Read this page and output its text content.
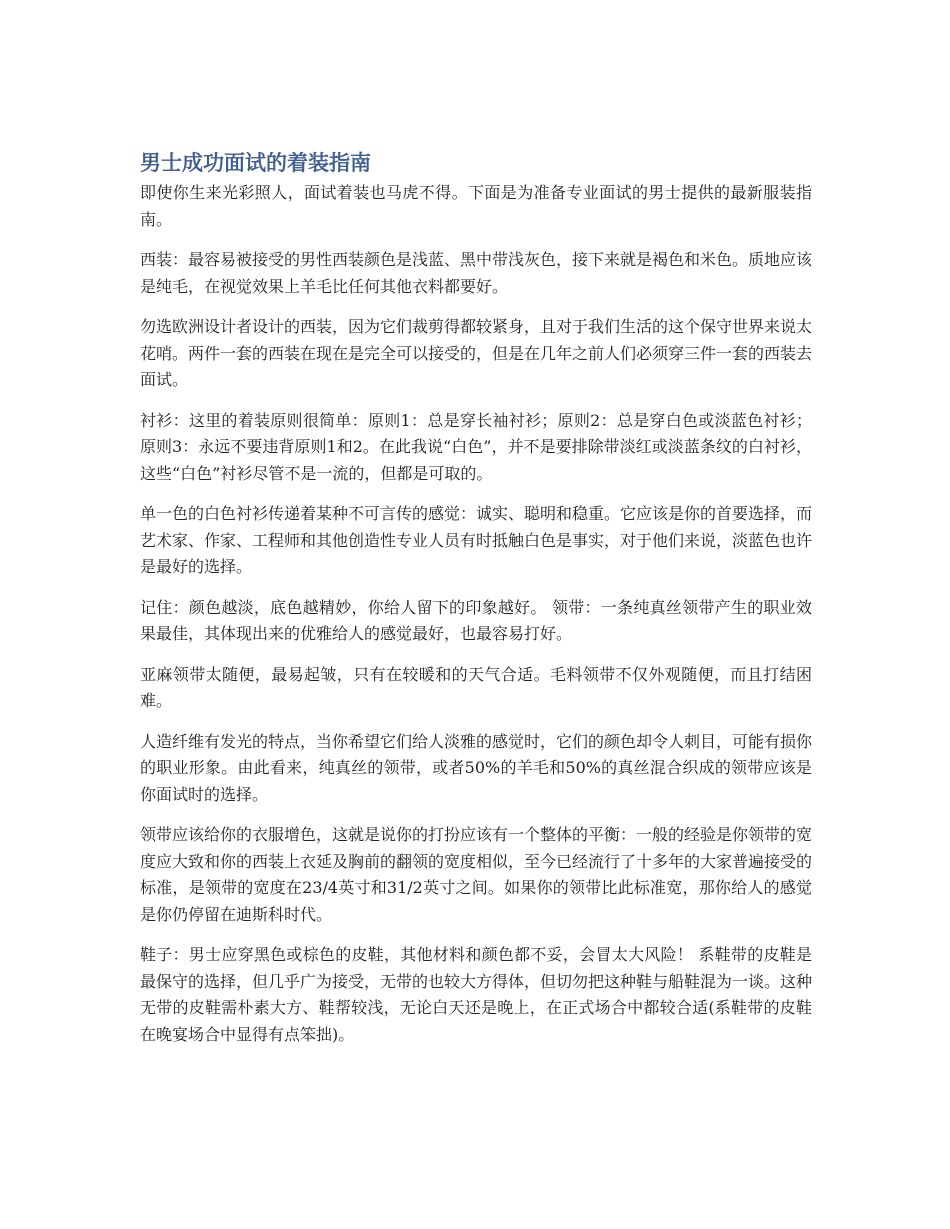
男士成功面试的着装指南

即使你生来光彩照人，面试着装也马虎不得。下面是为准备专业面试的男士提供的最新服装指南。

西装：最容易被接受的男性西装颜色是浅蓝、黑中带浅灰色，接下来就是褐色和米色。质地应该是纯毛，在视觉效果上羊毛比任何其他衣料都要好。

勿选欧洲设计者设计的西装，因为它们裁剪得都较紧身，且对于我们生活的这个保守世界来说太花哨。两件一套的西装在现在是完全可以接受的，但是在几年之前人们必须穿三件一套的西装去面试。

衬衫：这里的着装原则很简单：原则1：总是穿长袖衬衫；原则2：总是穿白色或淡蓝色衬衫；原则3：永远不要违背原则1和2。在此我说“白色”，并不是要排除带淡红或淡蓝条纹的白衬衫，这些“白色”衬衫尽管不是一流的，但都是可取的。

单一色的白色衬衫传递着某种不可言传的感觉：诚实、聪明和稳重。它应该是你的首要选择，而艺术家、作家、工程师和其他创造性专业人员有时抵触白色是事实，对于他们来说，淡蓝色也许是最好的选择。

记住：颜色越淡，底色越精妙，你给人留下的印象越好。 领带：一条纯真丝领带产生的职业效果最佳，其体现出来的优雅给人的感觉最好，也最容易打好。

亚麻领带太随便，最易起皱，只有在较暖和的天气合适。毛料领带不仅外观随便，而且打结困难。

人造纤维有发光的特点，当你希望它们给人淡雅的感觉时，它们的颜色却令人刺目，可能有损你的职业形象。由此看来，纯真丝的领带，或者50%的羊毛和50%的真丝混合织成的领带应该是你面试时的选择。

领带应该给你的衣服增色，这就是说你的打扮应该有一个整体的平衡：一般的经验是你领带的宽度应大致和你的西装上衣延及胸前的翻领的宽度相似，至今已经流行了十多年的大家普遍接受的标准，是领带的宽度在23/4英寸和31/2英寸之间。如果你的领带比此标准宽，那你给人的感觉是你仍停留在迪斯科时代。

鞋子：男士应穿黑色或棕色的皮鞋，其他材料和颜色都不妥，会冒太大风险！ 系鞋带的皮鞋是最保守的选择，但几乎广为接受，无带的也较大方得体，但切勿把这种鞋与船鞋混为一谈。这种无带的皮鞋需朴素大方、鞋帮较浅，无论白天还是晚上，在正式场合中都较合适(系鞋带的皮鞋在晚宴场合中显得有点笨拙)。
